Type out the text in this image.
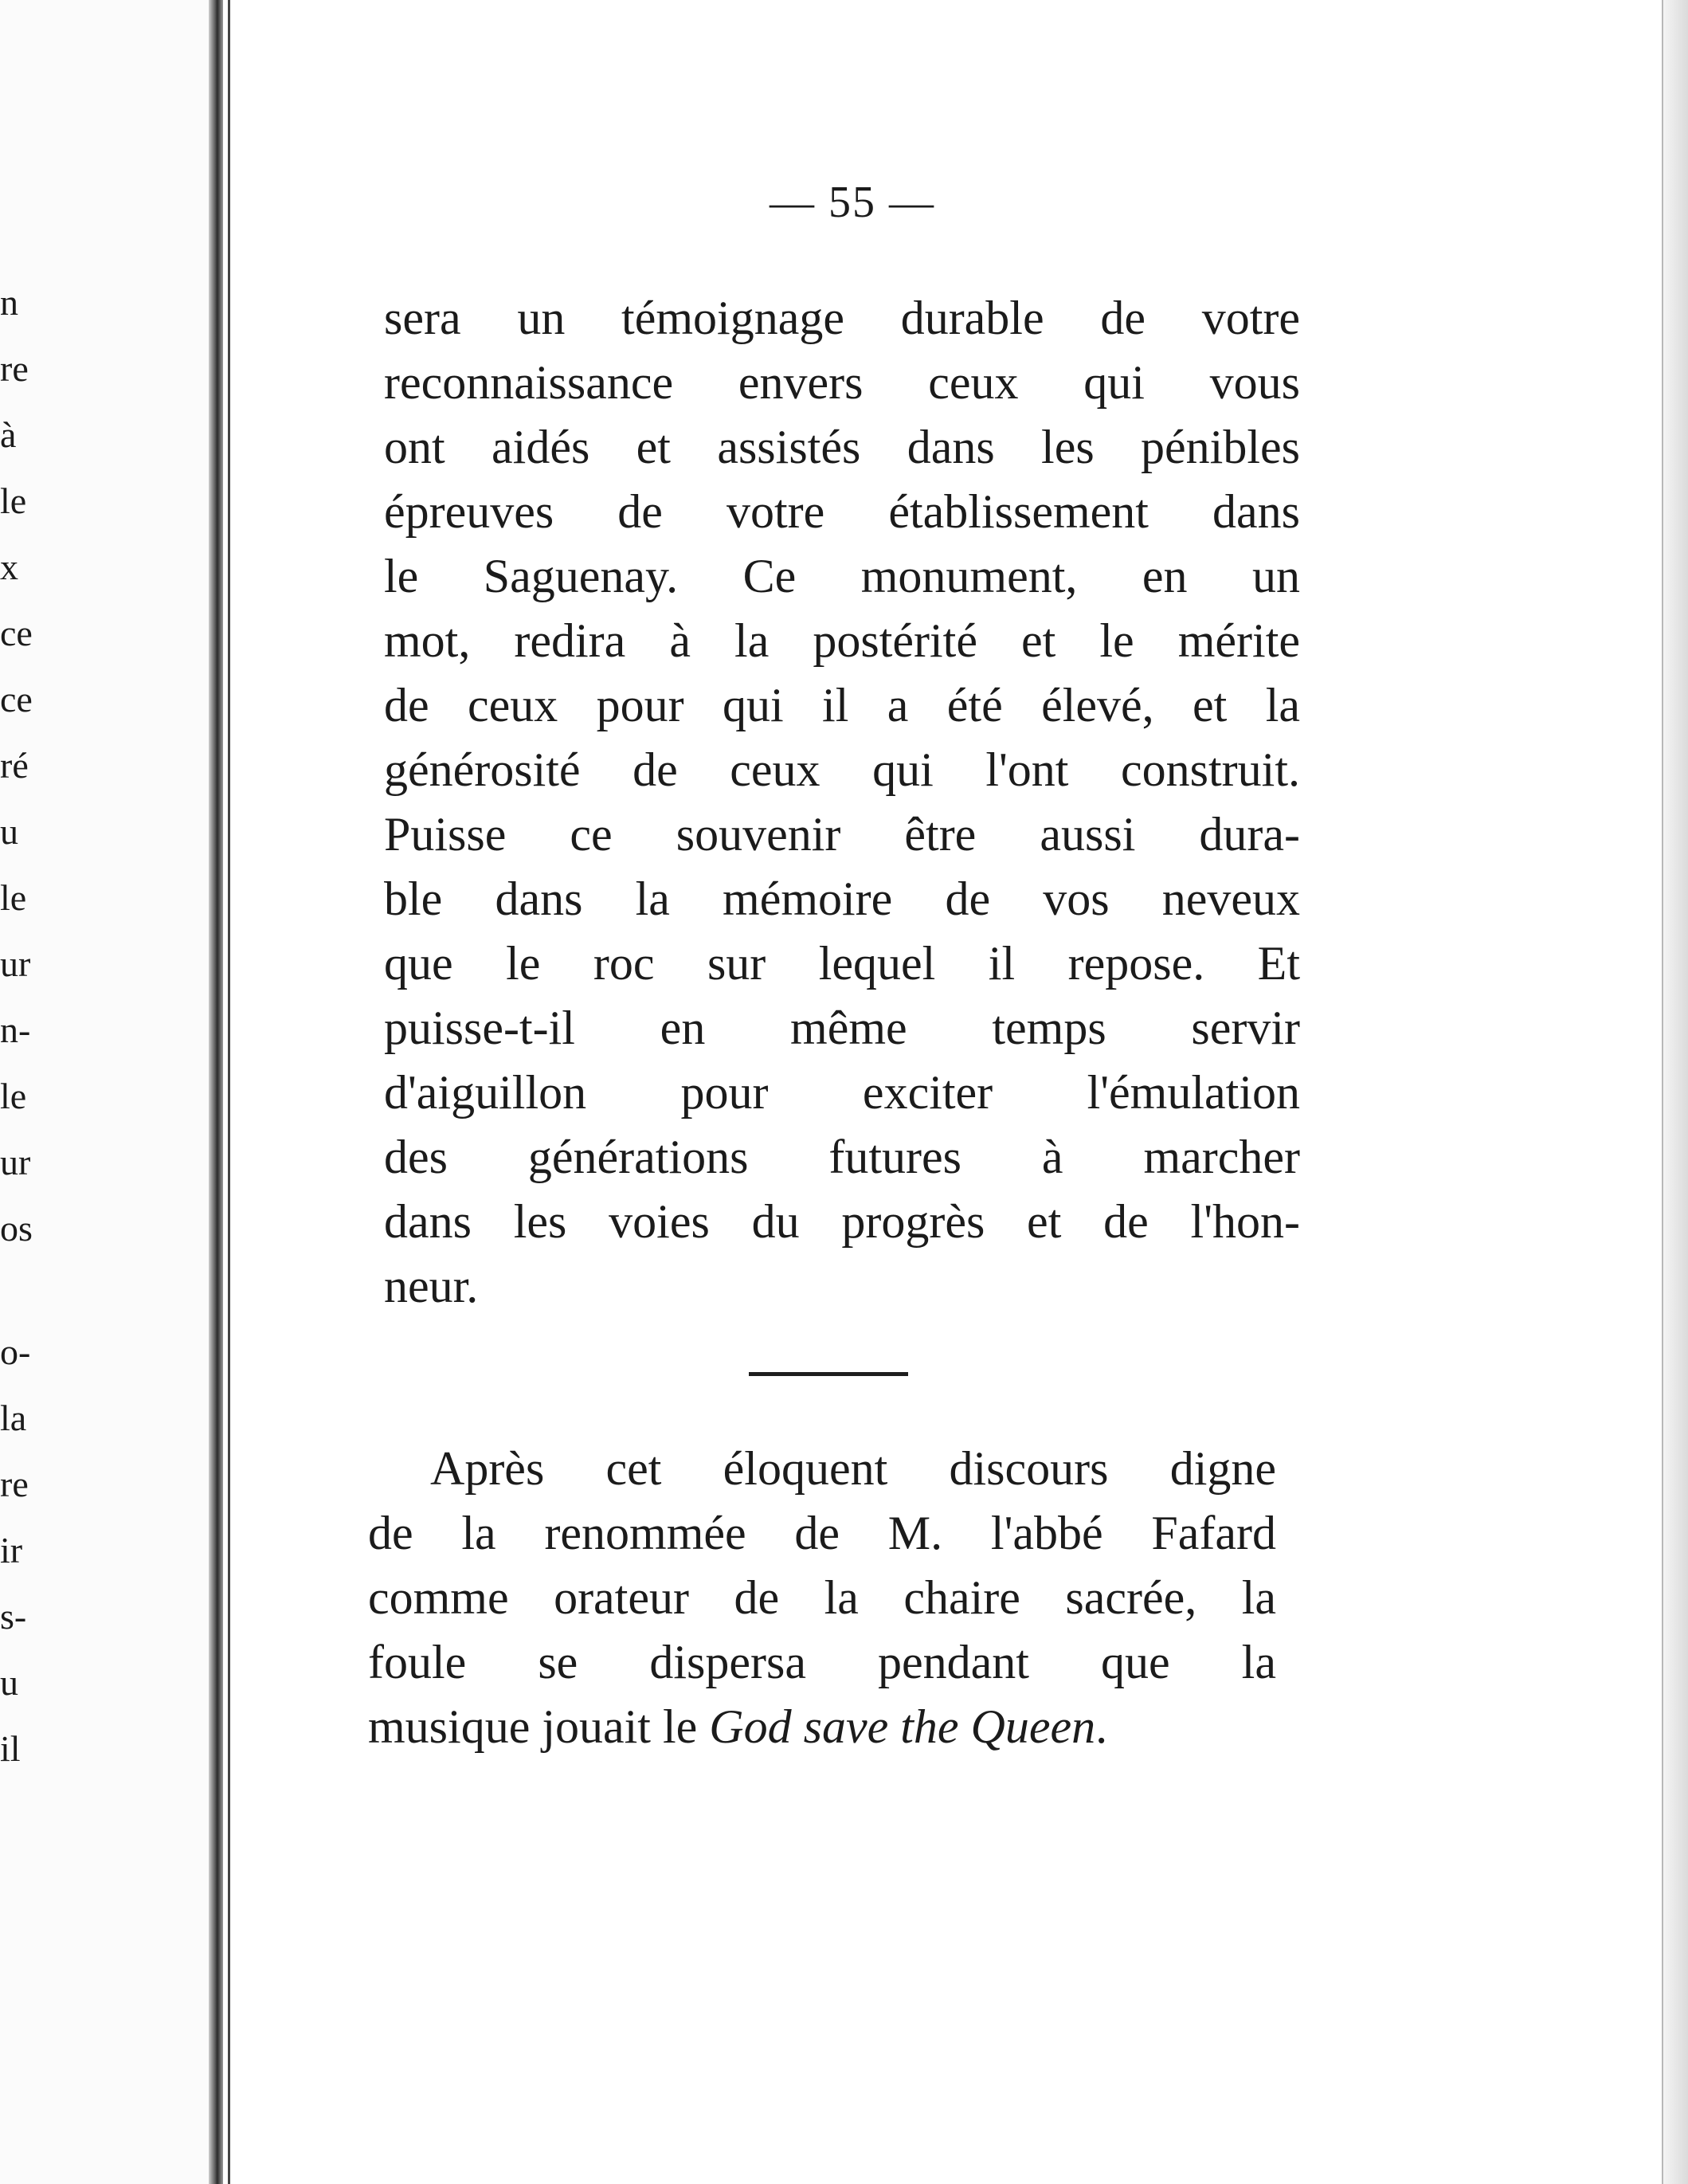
n
re
à
le
x
ce
ce
ré
u
le
ur
n-
le
ur
os
o-
la
re
ir
s-
u
il
— 55 —
sera un témoignage durable de votre
reconnaissance envers ceux qui vous
ont aidés et assistés dans les pénibles
épreuves de votre établissement dans
le Saguenay. Ce monument, en un
mot, redira à la postérité et le mérite
de ceux pour qui il a été élevé, et la
générosité de ceux qui l'ont construit.
Puisse ce souvenir être aussi dura-
ble dans la mémoire de vos neveux
que le roc sur lequel il repose. Et
puisse-t-il en même temps servir
d'aiguillon pour exciter l'émulation
des générations futures à marcher
dans les voies du progrès et de l'hon-
neur.
Après cet éloquent discours digne
de la renommée de M. l'abbé Fafard
comme orateur de la chaire sacrée, la
foule se dispersa pendant que la
musique jouait le God save the Queen.
